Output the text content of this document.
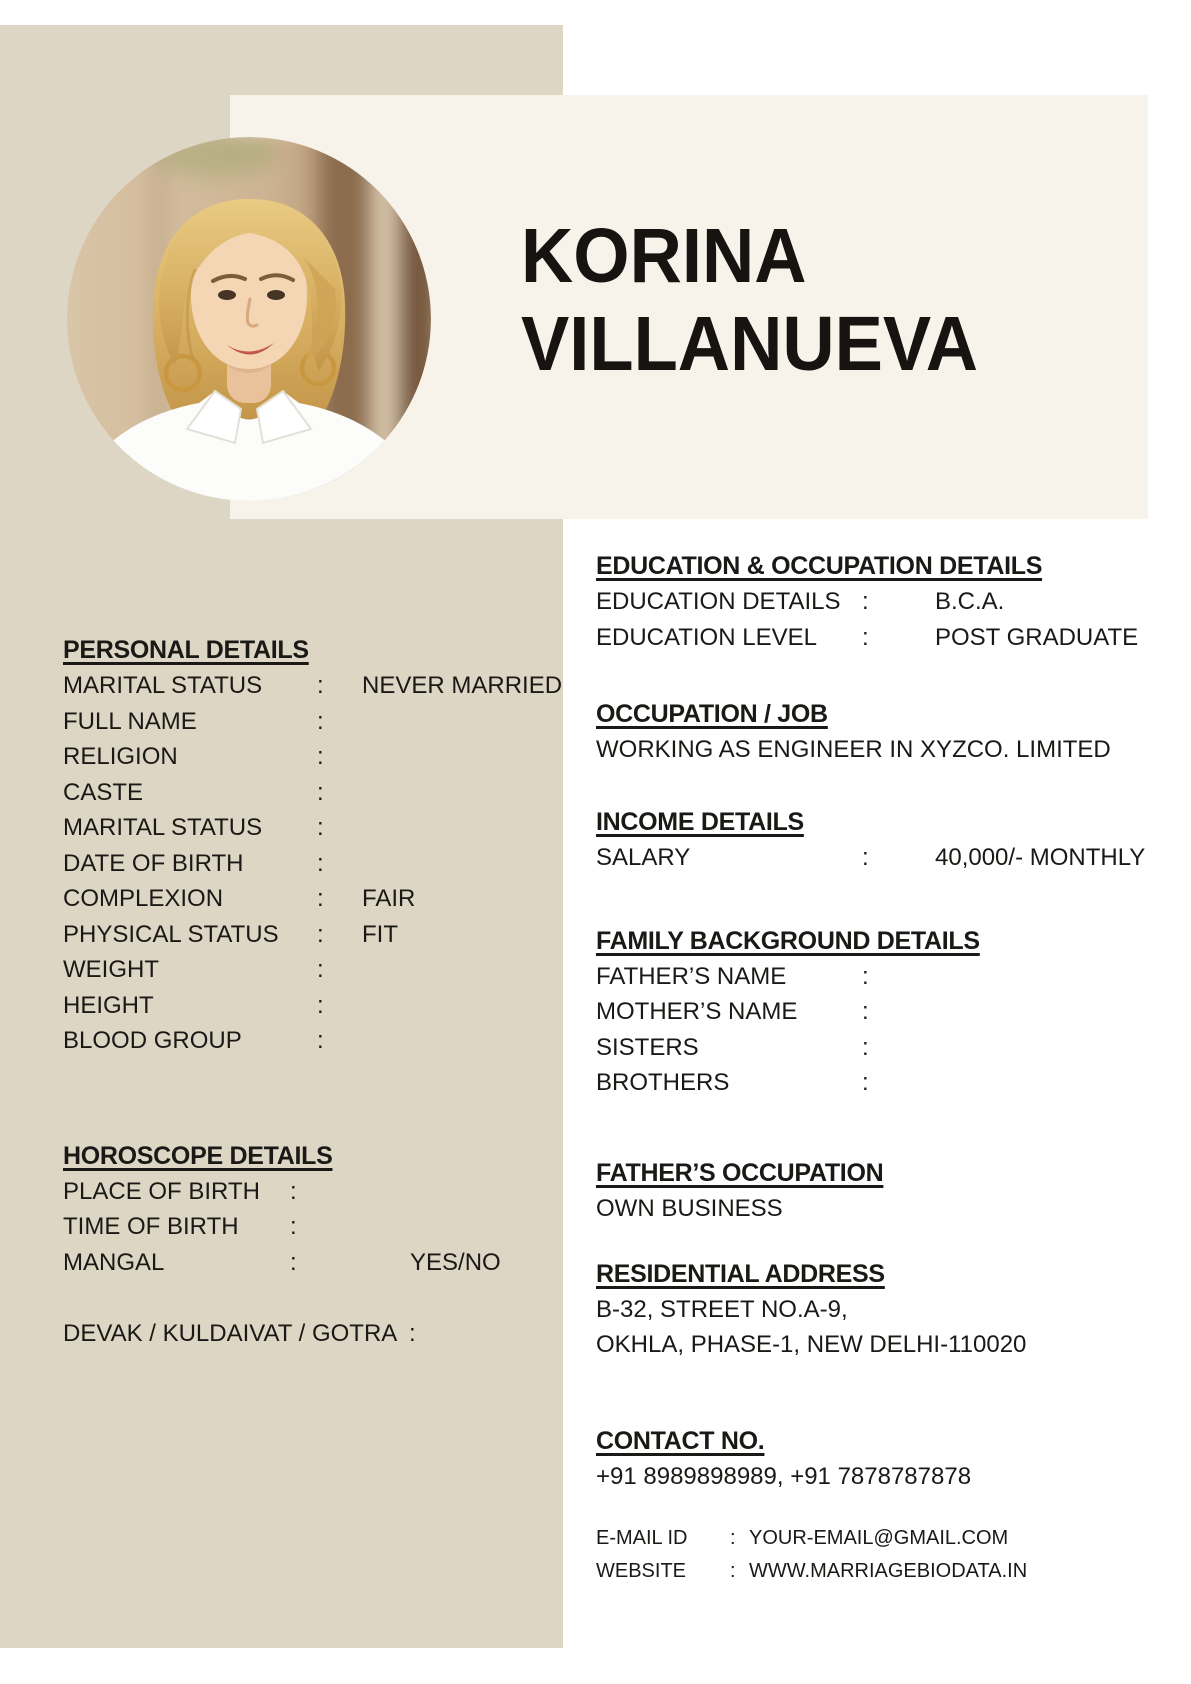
KORINA
VILLANUEVA
PERSONAL DETAILS
MARITAL STATUS	:	NEVER MARRIED
FULL NAME	:
RELIGION	:
CASTE	:
MARITAL STATUS	:
DATE OF BIRTH	:
COMPLEXION	:	FAIR
PHYSICAL STATUS	:	FIT
WEIGHT	:
HEIGHT	:
BLOOD GROUP	:
HOROSCOPE DETAILS
PLACE OF BIRTH	:
TIME OF BIRTH	:
MANGAL	:	YES/NO
DEVAK / KULDAIVAT / GOTRA :
EDUCATION & OCCUPATION DETAILS
EDUCATION DETAILS :	B.C.A.
EDUCATION LEVEL	:	POST GRADUATE
OCCUPATION / JOB

WORKING AS ENGINEER IN XYZCO. LIMITED

INCOME DETAILS
SALARY	:	40,000/- MONTHLY
FAMILY BACKGROUND DETAILS
FATHER’S NAME	:
MOTHER’S NAME	:
SISTERS	:
BROTHERS	:
FATHER’S OCCUPATION

OWN BUSINESS

RESIDENTIAL ADDRESS

B-32, STREET NO.A-9,

OKHLA, PHASE-1, NEW DELHI-110020

CONTACT NO.

+91 8989898989, +91 7878787878

E-MAIL ID	: YOUR-EMAIL@GMAIL.COM
WEBSITE	: WWW.MARRIAGEBIODATA.IN
